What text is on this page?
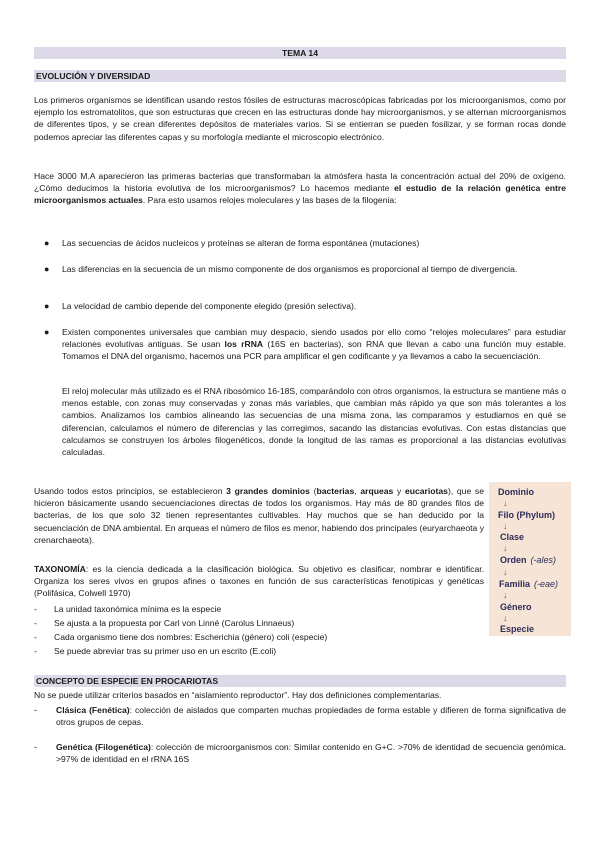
TEMA 14
EVOLUCIÓN Y DIVERSIDAD

Los primeros organismos se identifican usando restos fósiles de estructuras macroscópicas fabricadas por los microorganismos, como por ejemplo los estromatolitos, que son estructuras que crecen en las estructuras donde hay microorganismos, y se alternan microorganismos de diferentes tipos, y se crean diferentes depósitos de materiales varios. Si se entierran se pueden fosilizar, y se forman rocas donde podemos apreciar las diferentes capas y su morfología mediante el microscopio electrónico.

Hace 3000 M.A aparecieron las primeras bacterias que transformaban la atmósfera hasta la concentración actual del 20% de oxígeno. ¿Cómo deducimos la historia evolutiva de los microorganismos? Lo hacemos mediante el estudio de la relación genética entre microorganismos actuales. Para esto usamos relojes moleculares y las bases de la filogenia:

● Las secuencias de ácidos nucleicos y proteínas se alteran de forma espontánea (mutaciones)

● Las diferencias en la secuencia de un mismo componente de dos organismos es proporcional al tiempo de divergencia.

● La velocidad de cambio depende del componente elegido (presión selectiva).

● Existen componentes universales que cambian muy despacio, siendo usados por ello como “relojes moleculares” para estudiar relaciones evolutivas antiguas. Se usan los rRNA (16S en bacterias), son RNA que llevan a cabo una función muy estable. Tomamos el DNA del organismo, hacemos una PCR para amplificar el gen codificante y ya llevamos a cabo la secuenciación.

El reloj molecular más utilizado es el RNA ribosómico 16-18S, comparándolo con otros organismos, la estructura se mantiene más o menos estable, con zonas muy conservadas y zonas más variables, que cambian más rápido ya que son más tolerantes a los cambios. Analizamos los cambios alineando las secuencias de una misma zona, las comparamos y estudiamos en qué se diferencian, calculamos el número de diferencias y las corregimos, sacando las distancias evolutivas. Con estas distancias que calculamos se construyen los árboles filogenéticos, donde la longitud de las ramas es proporcional a las distancias evolutivas calculadas.

Usando todos estos principios, se establecieron 3 grandes dominios (bacterias, arqueas y eucariotas), que se hicieron básicamente usando secuenciaciones directas de todos los organismos. Hay más de 80 grandes filos de bacterias, de los que solo 32 tienen representantes cultivables. Hay muchos que se han deducido por la secuenciación de DNA ambiental. En arqueas el número de filos es menor, habiendo dos principales (euryarchaeota y crenarchaeota).

TAXONOMÍA: es la ciencia dedicada a la clasificación biológica. Su objetivo es clasificar, nombrar e identificar. Organiza los seres vivos en grupos afines o taxones en función de sus características fenotípicas y genéticas (Polifásica, Colwell 1970)

- La unidad taxonómica mínima es la especie

- Se ajusta a la propuesta por Carl von Linné (Carolus Linnaeus)

- Cada organismo tiene dos nombres: Escherichia (género) coli (especie)

- Se puede abreviar tras su primer uso en un escrito (E.coli)

Dominio
↓
Filo (Phylum)
↓
Clase
↓
Orden (-ales)
↓
Familia (-eae)
↓
Género
↓
Especie
CONCEPTO DE ESPECIE EN PROCARIOTAS

No se puede utilizar criterios basados en “aislamiento reproductor”. Hay dos definiciones complementarias.

-	Clásica (Fenética): colección de aislados que comparten muchas propiedades de forma estable y difieren de forma significativa de otros grupos de cepas.

-	Genética (Filogenética): colección de microorganismos con: Similar contenido en G+C. >70% de identidad de secuencia genómica. >97% de identidad en el rRNA 16S
